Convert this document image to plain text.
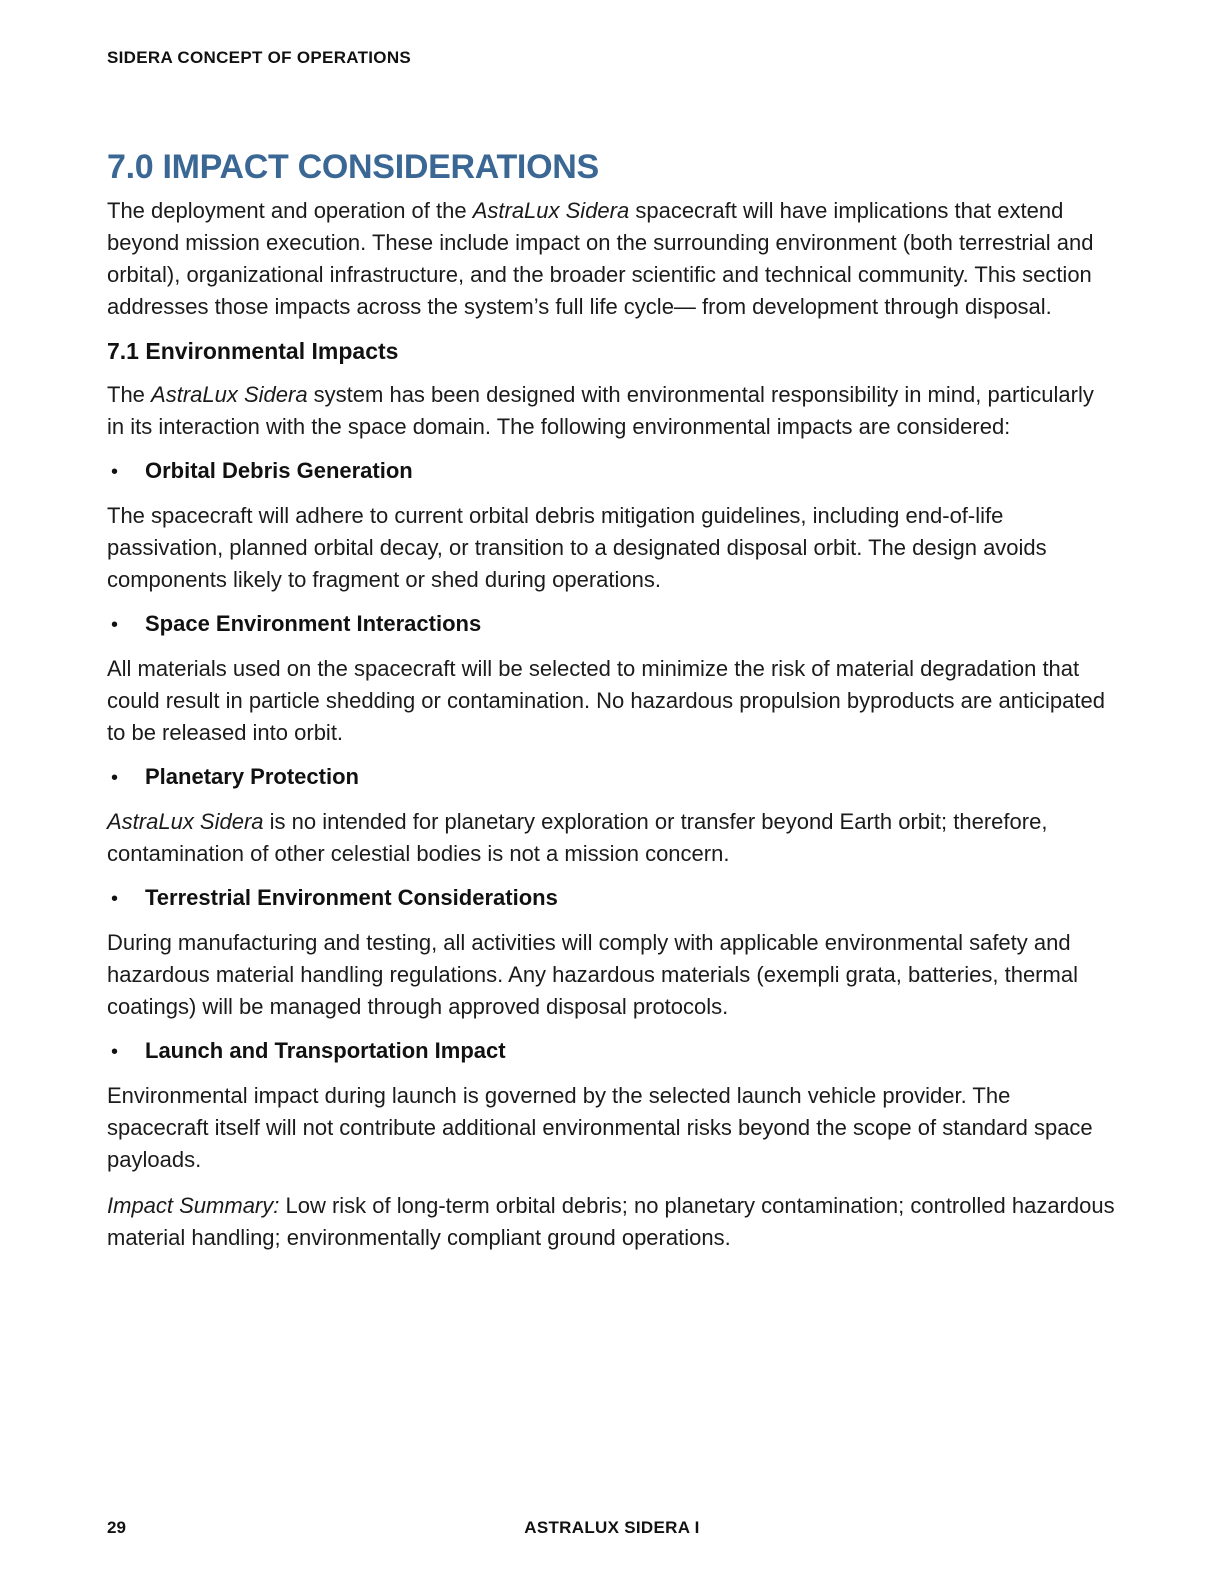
SIDERA CONCEPT OF OPERATIONS
7.0 IMPACT CONSIDERATIONS

The deployment and operation of the AstraLux Sidera spacecraft will have implications that extend beyond mission execution. These include impact on the surrounding environment (both terrestrial and orbital), organizational infrastructure, and the broader scientific and technical community. This section addresses those impacts across the system’s full life cycle— from development through disposal.

7.1 Environmental Impacts

The AstraLux Sidera system has been designed with environmental responsibility in mind, particularly in its interaction with the space domain. The following environmental impacts are considered:

•	Orbital Debris Generation

The spacecraft will adhere to current orbital debris mitigation guidelines, including end-of-life passivation, planned orbital decay, or transition to a designated disposal orbit. The design avoids components likely to fragment or shed during operations.

•	Space Environment Interactions

All materials used on the spacecraft will be selected to minimize the risk of material degradation that could result in particle shedding or contamination. No hazardous propulsion byproducts are anticipated to be released into orbit.

•	Planetary Protection

AstraLux Sidera is no intended for planetary exploration or transfer beyond Earth orbit; therefore, contamination of other celestial bodies is not a mission concern.

•	Terrestrial Environment Considerations

During manufacturing and testing, all activities will comply with applicable environmental safety and hazardous material handling regulations. Any hazardous materials (exempli grata, batteries, thermal coatings) will be managed through approved disposal protocols.

•	Launch and Transportation Impact

Environmental impact during launch is governed by the selected launch vehicle provider. The spacecraft itself will not contribute additional environmental risks beyond the scope of standard space payloads.

Impact Summary: Low risk of long-term orbital debris; no planetary contamination; controlled hazardous material handling; environmentally compliant ground operations.

29	ASTRALUX SIDERA I
